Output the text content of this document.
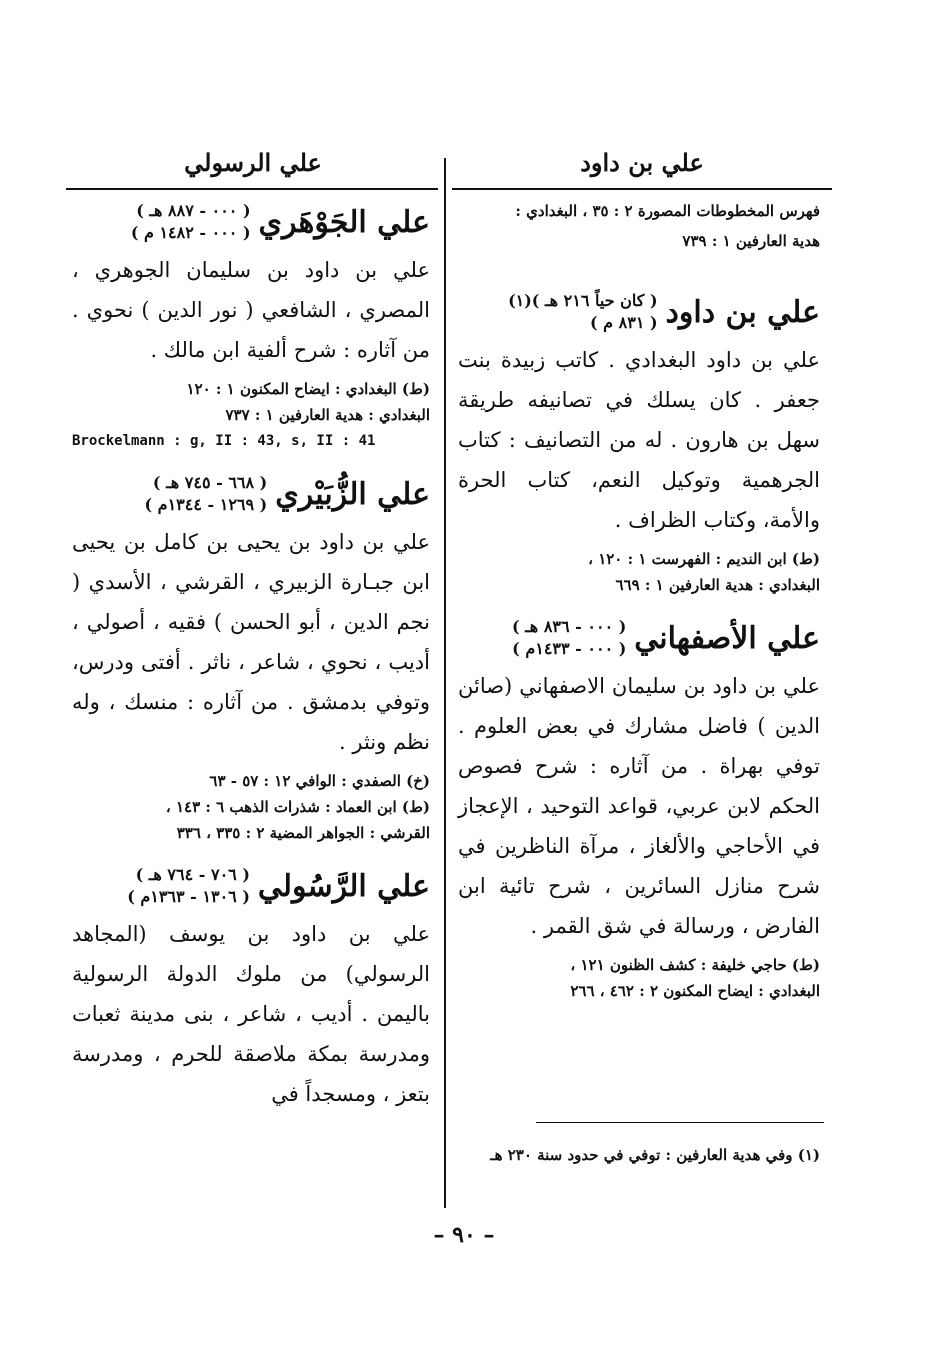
علي بن داود
علي الرسولي
فهرس المخطوطات المصورة ٢ : ٣٥ ، البغدادي :
هدية العارفين ١ : ٧٣٩
علي بن داود
( كان حياً ٢١٦ هـ )(١)
( ٨٣١ م )
علي بن داود البغدادي . كاتب زبيدة بنت جعفر . كان يسلك في تصانيفه طريقة سهل بن هارون . له من التصانيف : كتاب الجرهمية وتوكيل النعم، كتاب الحرة والأمة، وكتاب الظراف .
(ط) ابن النديم : الفهرست ١ : ١٢٠ ،
البغدادي : هدية العارفين ١ : ٦٦٩
علي الأصفهاني
( ٠٠٠ - ٨٣٦ هـ )
( ٠٠٠ - ١٤٣٣م )
علي بن داود بن سليمان الاصفهاني (صائن الدين ) فاضل مشارك في بعض العلوم . توفي بهراة . من آثاره : شرح فصوص الحكم لابن عربي، قواعد التوحيد ، الإعجاز في الأحاجي والألغاز ، مرآة الناظرين في شرح منازل السائرين ، شرح تائية ابن الفارض ، ورسالة في شق القمر .
(ط) حاجي خليفة : كشف الظنون ١٢١ ،
البغدادي : ايضاح المكنون ٢ : ٤٦٢ ، ٢٦٦
(١) وفي هدية العارفين : توفي في حدود سنة ٢٣٠ هـ
علي الجَوْهَري
( ٠٠٠ - ٨٨٧ هـ )
( ٠٠٠ - ١٤٨٢ م )
علي بن داود بن سليمان الجوهري ، المصري ، الشافعي ( نور الدين ) نحوي . من آثاره : شرح ألفية ابن مالك .
(ط) البغدادي : ايضاح المكنون ١ : ١٢٠
البغدادي : هدية العارفين ١ : ٧٣٧
Brockelmann : g, II : 43, s, II : 41
علي الزُّبَيْري
( ٦٦٨ - ٧٤٥ هـ )
( ١٢٦٩ - ١٣٤٤م )
علي بن داود بن يحيى بن كامل بن يحيى ابن جبـارة الزبيري ، القرشي ، الأسدي ( نجم الدين ، أبو الحسن ) فقيه ، أصولي ، أديب ، نحوي ، شاعر ، ناثر . أفتى ودرس، وتوفي بدمشق . من آثاره : منسك ، وله نظم ونثر .
(خ) الصفدي : الوافي ١٢ : ٥٧ - ٦٣
(ط) ابن العماد : شذرات الذهب ٦ : ١٤٣ ،
القرشي : الجواهر المضية ٢ : ٣٣٥ ، ٣٣٦
علي الرَّسُولي
( ٧٠٦ - ٧٦٤ هـ )
( ١٣٠٦ - ١٣٦٣م )
علي بن داود بن يوسف (المجاهد الرسولي) من ملوك الدولة الرسولية باليمن . أديب ، شاعر ، بنى مدينة ثعبات ومدرسة بمكة ملاصقة للحرم ، ومدرسة بتعز ، ومسجداً في
– ٩٠ –
